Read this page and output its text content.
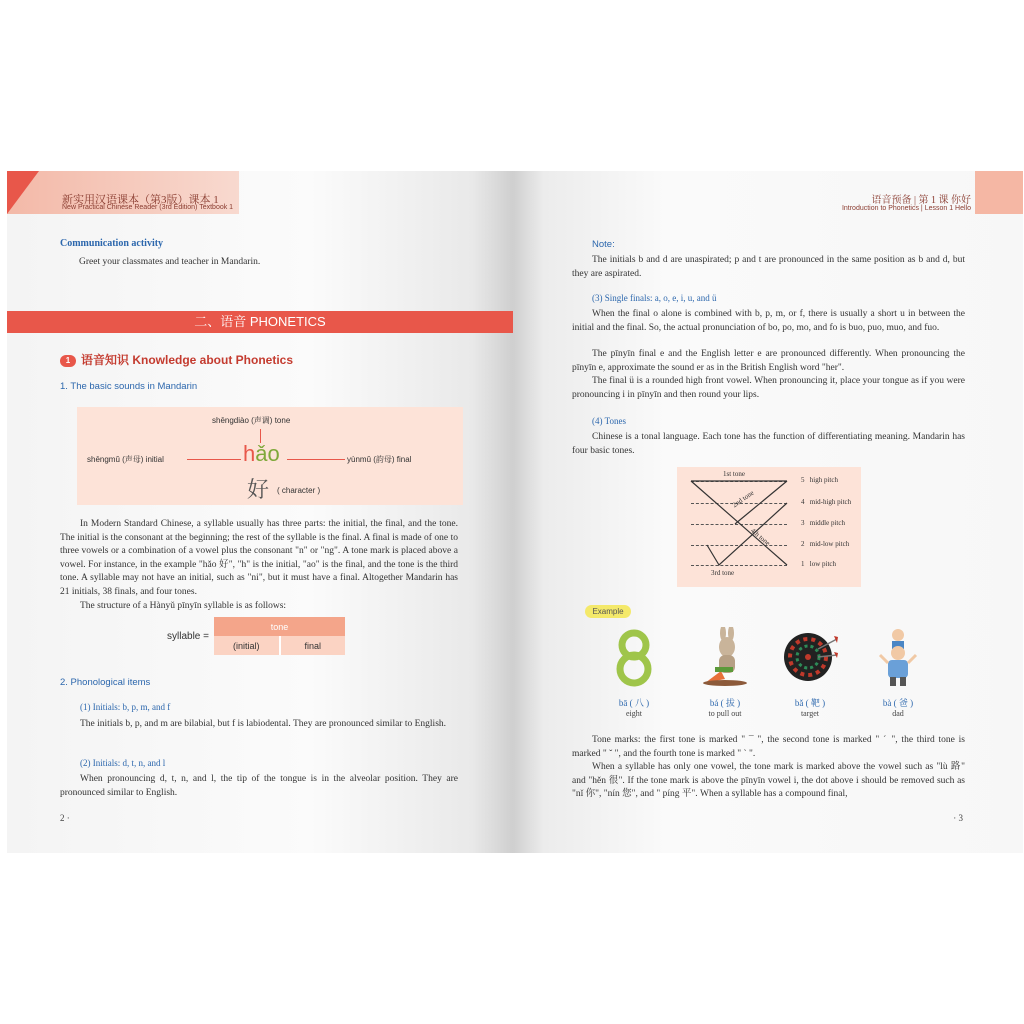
新实用汉语课本（第3版）课本 1
New Practical Chinese Reader (3rd Edition) Textbook 1
Communication activity
Greet your classmates and teacher in Mandarin.
二、语音 PHONETICS
1 语音知识 Knowledge about Phonetics
1. The basic sounds in Mandarin
shēngdiào (声调) tone
shēngmǔ (声母) initial	hǎo	yùnmǔ (韵母) final
好 ( character )
In Modern Standard Chinese, a syllable usually has three parts: the initial, the final, and the tone. The initial is the consonant at the beginning; the rest of the syllable is the final. A final is made of one to three vowels or a combination of a vowel plus the consonant "n" or "ng". A tone mark is placed above a vowel. For instance, in the example "hǎo 好", "h" is the initial, "ao" is the final, and the tone is the third tone. A syllable may not have an initial, such as "ni", but it must have a final. Altogether Mandarin has 21 initials, 38 finals, and four tones.
The structure of a Hànyǔ pīnyīn syllable is as follows:
syllable =
tone
(initial)	final
2. Phonological items
(1) Initials: b, p, m, and f
The initials b, p, and m are bilabial, but f is labiodental. They are pronounced similar to English.
(2) Initials: d, t, n, and l
When pronouncing d, t, n, and l, the tip of the tongue is in the alveolar position. They are pronounced similar to English.
2 ·
语音预备 | 第 1 课 你好
Introduction to Phonetics | Lesson 1 Hello
Note:
The initials b and d are unaspirated; p and t are pronounced in the same position as b and d, but they are aspirated.
(3) Single finals: a, o, e, i, u, and ü
When the final o alone is combined with b, p, m, or f, there is usually a short u in between the initial and the final. So, the actual pronunciation of bo, po, mo, and fo is buo, puo, muo, and fuo.
The pīnyīn final e and the English letter e are pronounced differently. When pronouncing the pīnyīn e, approximate the sound er as in the British English word "her".
The final ü is a rounded high front vowel. When pronouncing it, place your tongue as if you were pronouncing i in pīnyīn and then round your lips.
(4) Tones
Chinese is a tonal language. Each tone has the function of differentiating meaning. Mandarin has four basic tones.
1st tone
2nd tone
3rd tone
4th tone
5 high pitch
4 mid-high pitch
3 middle pitch
2 mid-low pitch
1 low pitch
Example
bā ( 八 )
eight
bá ( 拔 )
to pull out
bǎ ( 靶 )
target
bà ( 爸 )
dad
Tone marks: the first tone is marked " ¯ ", the second tone is marked " ˊ ", the third tone is marked " ˇ ", and the fourth tone is marked " ˋ ".
When a syllable has only one vowel, the tone mark is marked above the vowel such as "lù 路" and "hěn 很". If the tone mark is above the pīnyīn vowel i, the dot above i should be removed such as "nǐ 你", "nín 您", and " píng 平". When a syllable has a compound final,
· 3
